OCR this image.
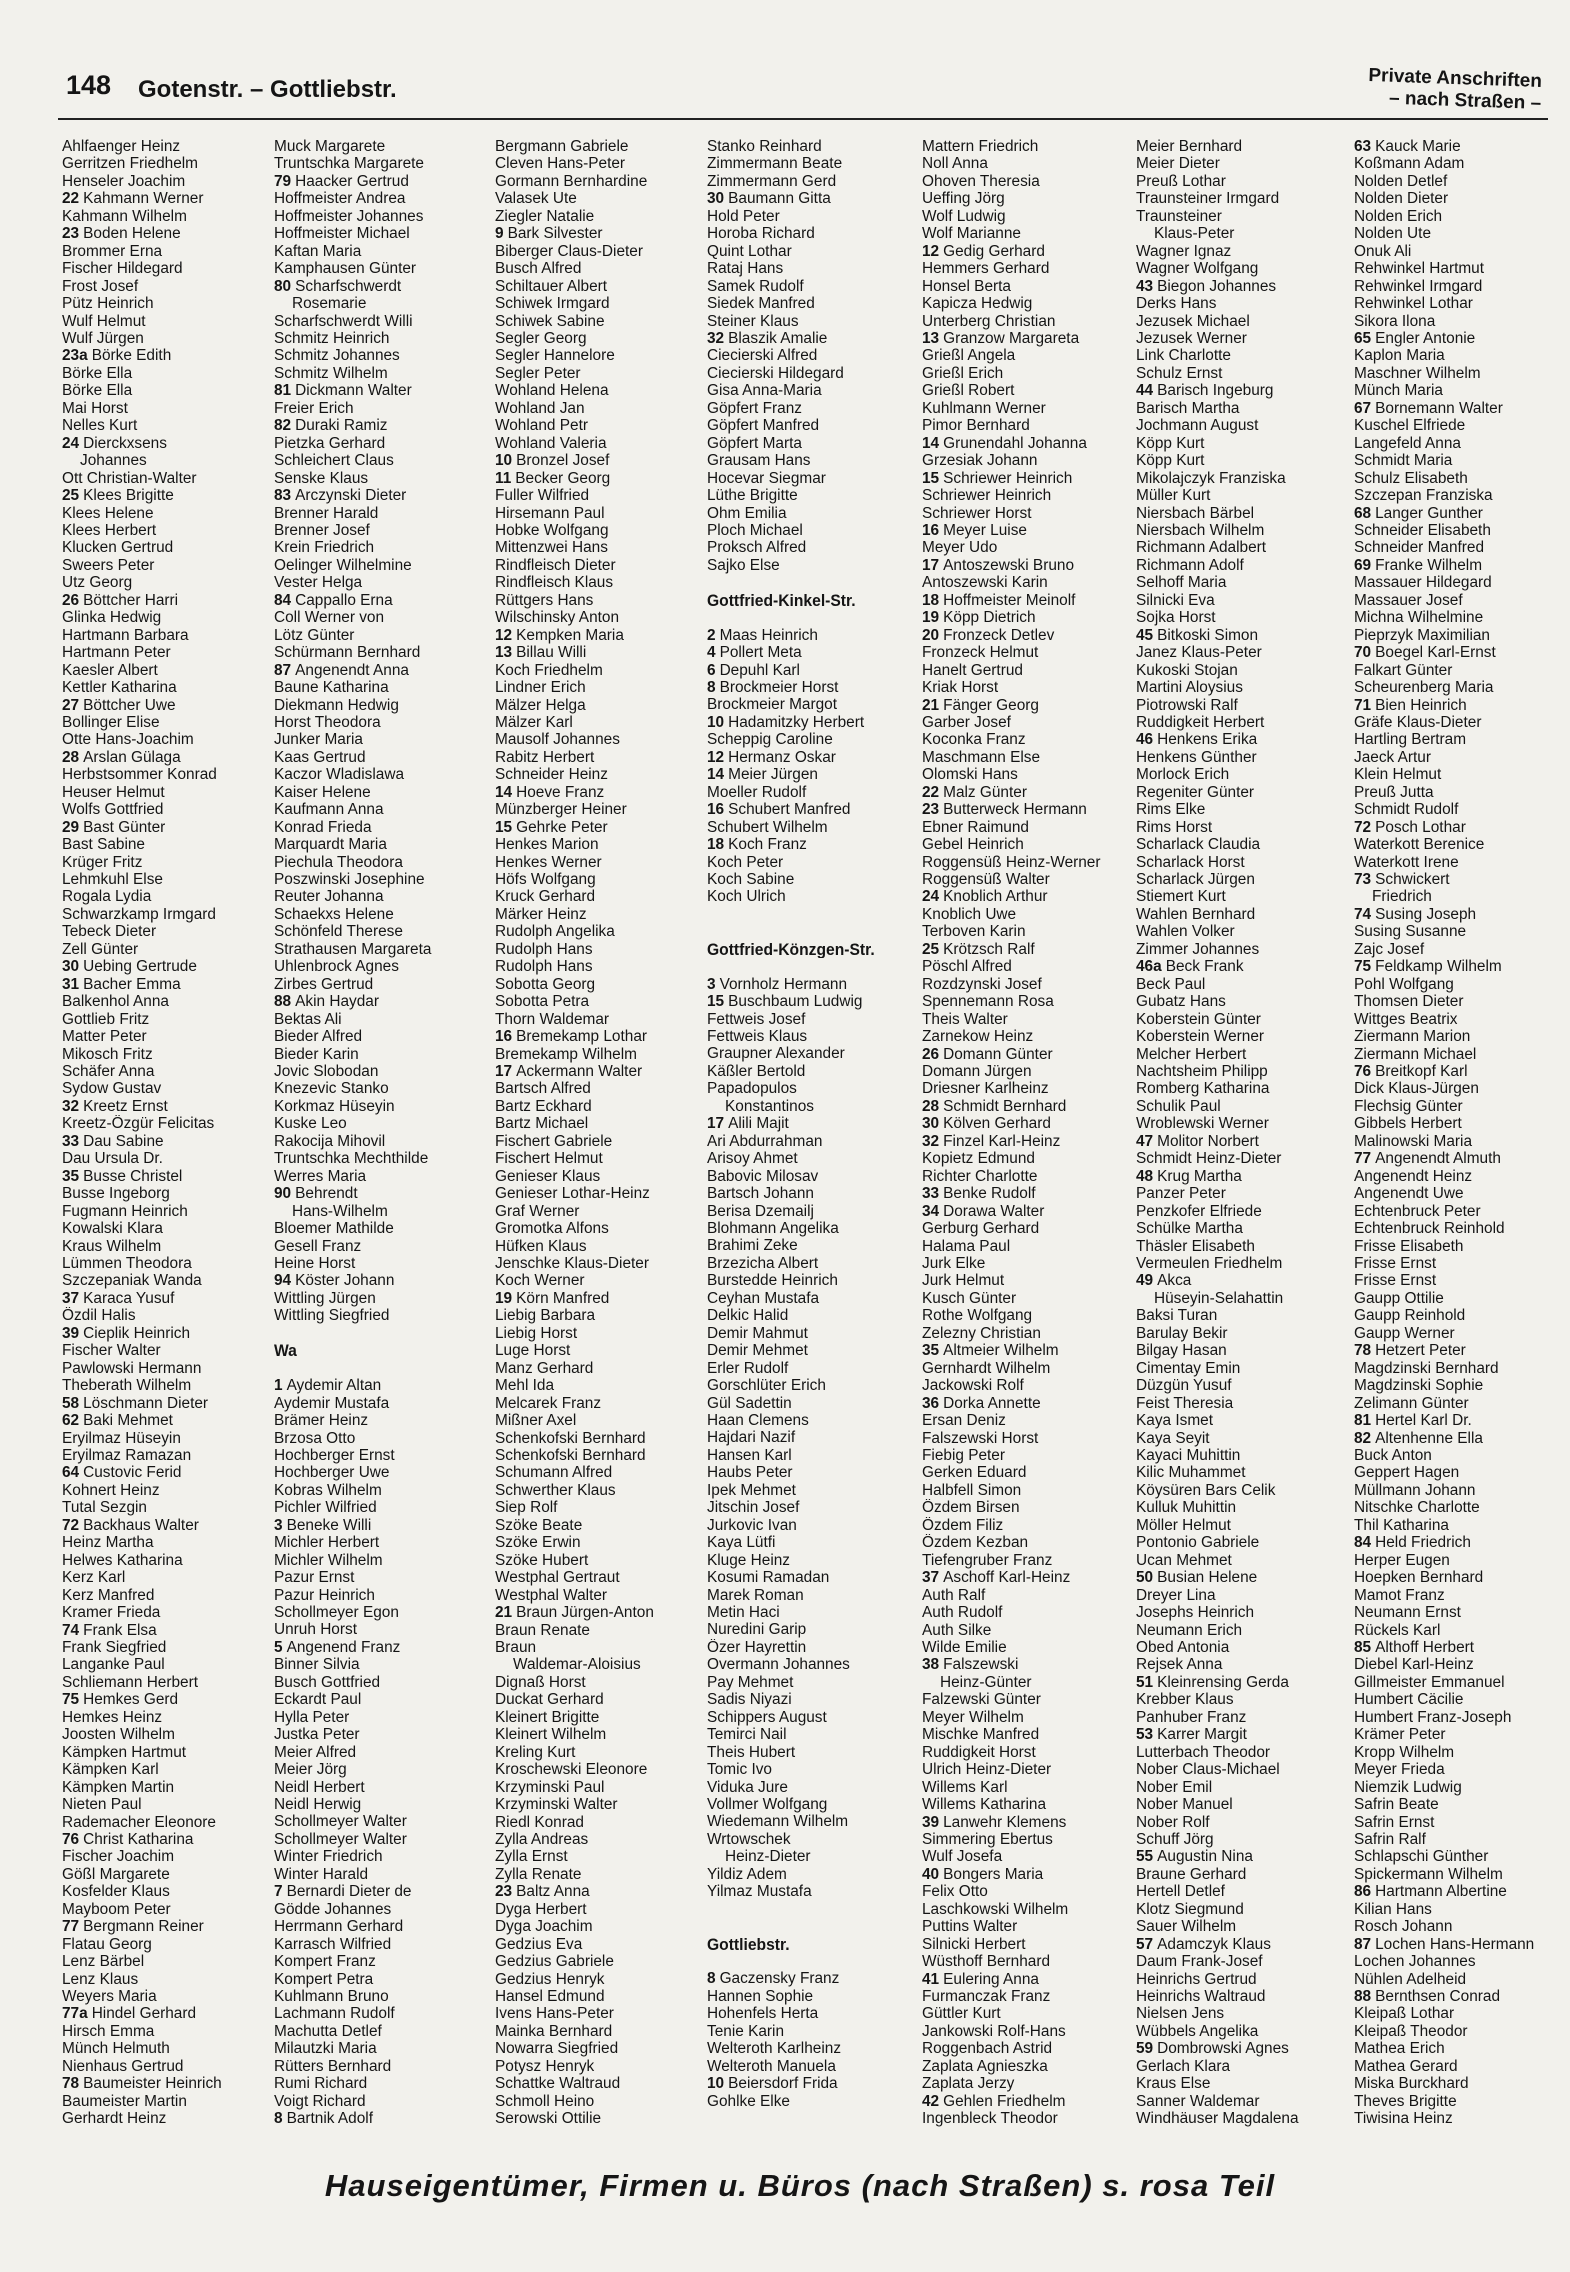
148 Gotenstr. – Gottliebstr.	Private Anschriften
– nach Straßen –
Ahlfaenger Heinz
Gerritzen Friedhelm
Henseler Joachim
22 Kahmann Werner
Kahmann Wilhelm
23 Boden Helene
Brommer Erna
Fischer Hildegard
Frost Josef
Pütz Heinrich
Wulf Helmut
Wulf Jürgen
23a Börke Edith
Börke Ella
Börke Ella
Mai Horst
Nelles Kurt
24 Dierckxsens
Johannes
Ott Christian-Walter
25 Klees Brigitte
Klees Helene
Klees Herbert
Klucken Gertrud
Sweers Peter
Utz Georg
26 Böttcher Harri
Glinka Hedwig
Hartmann Barbara
Hartmann Peter
Kaesler Albert
Kettler Katharina
27 Böttcher Uwe
Bollinger Elise
Otte Hans-Joachim
28 Arslan Gülaga
Herbstsommer Konrad
Heuser Helmut
Wolfs Gottfried
29 Bast Günter
Bast Sabine
Krüger Fritz
Lehmkuhl Else
Rogala Lydia
Schwarzkamp Irmgard
Tebeck Dieter
Zell Günter
30 Uebing Gertrude
31 Bacher Emma
Balkenhol Anna
Gottlieb Fritz
Matter Peter
Mikosch Fritz
Schäfer Anna
Sydow Gustav
32 Kreetz Ernst
Kreetz-Özgür Felicitas
33 Dau Sabine
Dau Ursula Dr.
35 Busse Christel
Busse Ingeborg
Fugmann Heinrich
Kowalski Klara
Kraus Wilhelm
Lümmen Theodora
Szczepaniak Wanda
37 Karaca Yusuf
Özdil Halis
39 Cieplik Heinrich
Fischer Walter
Pawlowski Hermann
Theberath Wilhelm
58 Löschmann Dieter
62 Baki Mehmet
Eryilmaz Hüseyin
Eryilmaz Ramazan
64 Custovic Ferid
Kohnert Heinz
Tutal Sezgin
72 Backhaus Walter
Heinz Martha
Helwes Katharina
Kerz Karl
Kerz Manfred
Kramer Frieda
74 Frank Elsa
Frank Siegfried
Langanke Paul
Schliemann Herbert
75 Hemkes Gerd
Hemkes Heinz
Joosten Wilhelm
Kämpken Hartmut
Kämpken Karl
Kämpken Martin
Nieten Paul
Rademacher Eleonore
76 Christ Katharina
Fischer Joachim
Gößl Margarete
Kosfelder Klaus
Mayboom Peter
77 Bergmann Reiner
Flatau Georg
Lenz Bärbel
Lenz Klaus
Weyers Maria
77a Hindel Gerhard
Hirsch Emma
Münch Helmuth
Nienhaus Gertrud
78 Baumeister Heinrich
Baumeister Martin
Gerhardt Heinz
Muck Margarete
Truntschka Margarete
79 Haacker Gertrud
Hoffmeister Andrea
Hoffmeister Johannes
Hoffmeister Michael
Kaftan Maria
Kamphausen Günter
80 Scharfschwerdt
Rosemarie
Scharfschwerdt Willi
Schmitz Heinrich
Schmitz Johannes
Schmitz Wilhelm
81 Dickmann Walter
Freier Erich
82 Duraki Ramiz
Pietzka Gerhard
Schleichert Claus
Senske Klaus
83 Arczynski Dieter
Brenner Harald
Brenner Josef
Krein Friedrich
Oelinger Wilhelmine
Vester Helga
84 Cappallo Erna
Coll Werner von
Lötz Günter
Schürmann Bernhard
87 Angenendt Anna
Baune Katharina
Diekmann Hedwig
Horst Theodora
Junker Maria
Kaas Gertrud
Kaczor Wladislawa
Kaiser Helene
Kaufmann Anna
Konrad Frieda
Marquardt Maria
Piechula Theodora
Poszwinski Josephine
Reuter Johanna
Schaekxs Helene
Schönfeld Therese
Strathausen Margareta
Uhlenbrock Agnes
Zirbes Gertrud
88 Akin Haydar
Bektas Ali
Bieder Alfred
Bieder Karin
Jovic Slobodan
Knezevic Stanko
Korkmaz Hüseyin
Kuske Leo
Rakocija Mihovil
Truntschka Mechthilde
Werres Maria
90 Behrendt
Hans-Wilhelm
Bloemer Mathilde
Gesell Franz
Heine Horst
94 Köster Johann
Wittling Jürgen
Wittling Siegfried
Wa
1 Aydemir Altan
Aydemir Mustafa
Brämer Heinz
Brzosa Otto
Hochberger Ernst
Hochberger Uwe
Kobras Wilhelm
Pichler Wilfried
3 Beneke Willi
Michler Herbert
Michler Wilhelm
Pazur Ernst
Pazur Heinrich
Schollmeyer Egon
Unruh Horst
5 Angenend Franz
Binner Silvia
Busch Gottfried
Eckardt Paul
Hylla Peter
Justka Peter
Meier Alfred
Meier Jörg
Neidl Herbert
Neidl Herwig
Schollmeyer Walter
Schollmeyer Walter
Winter Friedrich
Winter Harald
7 Bernardi Dieter de
Gödde Johannes
Herrmann Gerhard
Karrasch Wilfried
Kompert Franz
Kompert Petra
Kuhlmann Bruno
Lachmann Rudolf
Machutta Detlef
Milautzki Maria
Rütters Bernhard
Rumi Richard
Voigt Richard
8 Bartnik Adolf
Bergmann Gabriele
Cleven Hans-Peter
Gormann Bernhardine
Valasek Ute
Ziegler Natalie
9 Bark Silvester
Biberger Claus-Dieter
Busch Alfred
Schiltauer Albert
Schiwek Irmgard
Schiwek Sabine
Segler Georg
Segler Hannelore
Segler Peter
Wohland Helena
Wohland Jan
Wohland Petr
Wohland Valeria
10 Bronzel Josef
11 Becker Georg
Fuller Wilfried
Hirsemann Paul
Hobke Wolfgang
Mittenzwei Hans
Rindfleisch Dieter
Rindfleisch Klaus
Rüttgers Hans
Wilschinsky Anton
12 Kempken Maria
13 Billau Willi
Koch Friedhelm
Lindner Erich
Mälzer Helga
Mälzer Karl
Mausolf Johannes
Rabitz Herbert
Schneider Heinz
14 Hoeve Franz
Münzberger Heiner
15 Gehrke Peter
Henkes Marion
Henkes Werner
Höfs Wolfgang
Kruck Gerhard
Märker Heinz
Rudolph Angelika
Rudolph Hans
Rudolph Hans
Sobotta Georg
Sobotta Petra
Thorn Waldemar
16 Bremekamp Lothar
Bremekamp Wilhelm
17 Ackermann Walter
Bartsch Alfred
Bartz Eckhard
Bartz Michael
Fischert Gabriele
Fischert Helmut
Genieser Klaus
Genieser Lothar-Heinz
Graf Werner
Gromotka Alfons
Hüfken Klaus
Jenschke Klaus-Dieter
Koch Werner
19 Körn Manfred
Liebig Barbara
Liebig Horst
Luge Horst
Manz Gerhard
Mehl Ida
Melcarek Franz
Mißner Axel
Schenkofski Bernhard
Schenkofski Bernhard
Schumann Alfred
Schwerther Klaus
Siep Rolf
Szöke Beate
Szöke Erwin
Szöke Hubert
Westphal Gertraut
Westphal Walter
21 Braun Jürgen-Anton
Braun Renate
Braun
Waldemar-Aloisius
Dignaß Horst
Duckat Gerhard
Kleinert Brigitte
Kleinert Wilhelm
Kreling Kurt
Kroschewski Eleonore
Krzyminski Paul
Krzyminski Walter
Riedl Konrad
Zylla Andreas
Zylla Ernst
Zylla Renate
23 Baltz Anna
Dyga Herbert
Dyga Joachim
Gedzius Eva
Gedzius Gabriele
Gedzius Henryk
Hansel Edmund
Ivens Hans-Peter
Mainka Bernhard
Nowarra Siegfried
Potysz Henryk
Schattke Waltraud
Schmoll Heino
Serowski Ottilie
Stanko Reinhard
Zimmermann Beate
Zimmermann Gerd
30 Baumann Gitta
Hold Peter
Horoba Richard
Quint Lothar
Rataj Hans
Samek Rudolf
Siedek Manfred
Steiner Klaus
32 Blaszik Amalie
Ciecierski Alfred
Ciecierski Hildegard
Gisa Anna-Maria
Göpfert Franz
Göpfert Manfred
Göpfert Marta
Grausam Hans
Hocevar Siegmar
Lüthe Brigitte
Ohm Emilia
Ploch Michael
Proksch Alfred
Sajko Else
Gottfried-Kinkel-Str.
2 Maas Heinrich
4 Pollert Meta
6 Depuhl Karl
8 Brockmeier Horst
Brockmeier Margot
10 Hadamitzky Herbert
Scheppig Caroline
12 Hermanz Oskar
14 Meier Jürgen
Moeller Rudolf
16 Schubert Manfred
Schubert Wilhelm
18 Koch Franz
Koch Peter
Koch Sabine
Koch Ulrich
Gottfried-Könzgen-Str.
3 Vornholz Hermann
15 Buschbaum Ludwig
Fettweis Josef
Fettweis Klaus
Graupner Alexander
Käßler Bertold
Papadopulos
Konstantinos
17 Alili Majit
Ari Abdurrahman
Arisoy Ahmet
Babovic Milosav
Bartsch Johann
Berisa Dzemailj
Blohmann Angelika
Brahimi Zeke
Brzezicha Albert
Burstedde Heinrich
Ceyhan Mustafa
Delkic Halid
Demir Mahmut
Demir Mehmet
Erler Rudolf
Gorschlüter Erich
Gül Sadettin
Haan Clemens
Hajdari Nazif
Hansen Karl
Haubs Peter
Ipek Mehmet
Jitschin Josef
Jurkovic Ivan
Kaya Lütfi
Kluge Heinz
Kosumi Ramadan
Marek Roman
Metin Haci
Nuredini Garip
Özer Hayrettin
Overmann Johannes
Pay Mehmet
Sadis Niyazi
Schippers August
Temirci Nail
Theis Hubert
Tomic Ivo
Viduka Jure
Vollmer Wolfgang
Wiedemann Wilhelm
Wrtowschek
Heinz-Dieter
Yildiz Adem
Yilmaz Mustafa
Gottliebstr.
8 Gaczensky Franz
Hannen Sophie
Hohenfels Herta
Tenie Karin
Welteroth Karlheinz
Welteroth Manuela
10 Beiersdorf Frida
Gohlke Elke
Mattern Friedrich
Noll Anna
Ohoven Theresia
Ueffing Jörg
Wolf Ludwig
Wolf Marianne
12 Gedig Gerhard
Hemmers Gerhard
Honsel Berta
Kapicza Hedwig
Unterberg Christian
13 Granzow Margareta
Grießl Angela
Grießl Erich
Grießl Robert
Kuhlmann Werner
Pimor Bernhard
14 Grunendahl Johanna
Grzesiak Johann
15 Schriewer Heinrich
Schriewer Heinrich
Schriewer Horst
16 Meyer Luise
Meyer Udo
17 Antoszewski Bruno
Antoszewski Karin
18 Hoffmeister Meinolf
19 Köpp Dietrich
20 Fronzeck Detlev
Fronzeck Helmut
Hanelt Gertrud
Kriak Horst
21 Fänger Georg
Garber Josef
Koconka Franz
Maschmann Else
Olomski Hans
22 Malz Günter
23 Butterweck Hermann
Ebner Raimund
Gebel Heinrich
Roggensüß Heinz-Werner
Roggensüß Walter
24 Knoblich Arthur
Knoblich Uwe
Terboven Karin
25 Krötzsch Ralf
Pöschl Alfred
Rozdzynski Josef
Spennemann Rosa
Theis Walter
Zarnekow Heinz
26 Domann Günter
Domann Jürgen
Driesner Karlheinz
28 Schmidt Bernhard
30 Kölven Gerhard
32 Finzel Karl-Heinz
Kopietz Edmund
Richter Charlotte
33 Benke Rudolf
34 Dorawa Walter
Gerburg Gerhard
Halama Paul
Jurk Elke
Jurk Helmut
Kusch Günter
Rothe Wolfgang
Zelezny Christian
35 Altmeier Wilhelm
Gernhardt Wilhelm
Jackowski Rolf
36 Dorka Annette
Ersan Deniz
Falszewski Horst
Fiebig Peter
Gerken Eduard
Halbfell Simon
Özdem Birsen
Özdem Filiz
Özdem Kezban
Tiefengruber Franz
37 Aschoff Karl-Heinz
Auth Ralf
Auth Rudolf
Auth Silke
Wilde Emilie
38 Falszewski
Heinz-Günter
Falzewski Günter
Meyer Wilhelm
Mischke Manfred
Ruddigkeit Horst
Ulrich Heinz-Dieter
Willems Karl
Willems Katharina
39 Lanwehr Klemens
Simmering Ebertus
Wulf Josefa
40 Bongers Maria
Felix Otto
Laschkowski Wilhelm
Puttins Walter
Silnicki Herbert
Wüsthoff Bernhard
41 Eulering Anna
Furmanczak Franz
Güttler Kurt
Jankowski Rolf-Hans
Roggenbach Astrid
Zaplata Agnieszka
Zaplata Jerzy
42 Gehlen Friedhelm
Ingenbleck Theodor
Meier Bernhard
Meier Dieter
Preuß Lothar
Traunsteiner Irmgard
Traunsteiner
Klaus-Peter
Wagner Ignaz
Wagner Wolfgang
43 Biegon Johannes
Derks Hans
Jezusek Michael
Jezusek Werner
Link Charlotte
Schulz Ernst
44 Barisch Ingeburg
Barisch Martha
Jochmann August
Köpp Kurt
Köpp Kurt
Mikolajczyk Franziska
Müller Kurt
Niersbach Bärbel
Niersbach Wilhelm
Richmann Adalbert
Richmann Adolf
Selhoff Maria
Silnicki Eva
Sojka Horst
45 Bitkoski Simon
Janez Klaus-Peter
Kukoski Stojan
Martini Aloysius
Piotrowski Ralf
Ruddigkeit Herbert
46 Henkens Erika
Henkens Günther
Morlock Erich
Regeniter Günter
Rims Elke
Rims Horst
Scharlack Claudia
Scharlack Horst
Scharlack Jürgen
Stiemert Kurt
Wahlen Bernhard
Wahlen Volker
Zimmer Johannes
46a Beck Frank
Beck Paul
Gubatz Hans
Koberstein Günter
Koberstein Werner
Melcher Herbert
Nachtsheim Philipp
Romberg Katharina
Schulik Paul
Wroblewski Werner
47 Molitor Norbert
Schmidt Heinz-Dieter
48 Krug Martha
Panzer Peter
Penzkofer Elfriede
Schülke Martha
Thäsler Elisabeth
Vermeulen Friedhelm
49 Akca
Hüseyin-Selahattin
Baksi Turan
Barulay Bekir
Bilgay Hasan
Cimentay Emin
Düzgün Yusuf
Feist Theresia
Kaya Ismet
Kaya Seyit
Kayaci Muhittin
Kilic Muhammet
Köysüren Bars Celik
Kulluk Muhittin
Möller Helmut
Pontonio Gabriele
Ucan Mehmet
50 Busian Helene
Dreyer Lina
Josephs Heinrich
Neumann Erich
Obed Antonia
Rejsek Anna
51 Kleinrensing Gerda
Krebber Klaus
Panhuber Franz
53 Karrer Margit
Lutterbach Theodor
Nober Claus-Michael
Nober Emil
Nober Manuel
Nober Rolf
Schuff Jörg
55 Augustin Nina
Braune Gerhard
Hertell Detlef
Klotz Siegmund
Sauer Wilhelm
57 Adamczyk Klaus
Daum Frank-Josef
Heinrichs Gertrud
Heinrichs Waltraud
Nielsen Jens
Wübbels Angelika
59 Dombrowski Agnes
Gerlach Klara
Kraus Else
Sanner Waldemar
Windhäuser Magdalena
63 Kauck Marie
Koßmann Adam
Nolden Detlef
Nolden Dieter
Nolden Erich
Nolden Ute
Onuk Ali
Rehwinkel Hartmut
Rehwinkel Irmgard
Rehwinkel Lothar
Sikora Ilona
65 Engler Antonie
Kaplon Maria
Maschner Wilhelm
Münch Maria
67 Bornemann Walter
Kuschel Elfriede
Langefeld Anna
Schmidt Maria
Schulz Elisabeth
Szczepan Franziska
68 Langer Gunther
Schneider Elisabeth
Schneider Manfred
69 Franke Wilhelm
Massauer Hildegard
Massauer Josef
Michna Wilhelmine
Pieprzyk Maximilian
70 Boegel Karl-Ernst
Falkart Günter
Scheurenberg Maria
71 Bien Heinrich
Gräfe Klaus-Dieter
Hartling Bertram
Jaeck Artur
Klein Helmut
Preuß Jutta
Schmidt Rudolf
72 Posch Lothar
Waterkott Berenice
Waterkott Irene
73 Schwickert
Friedrich
74 Susing Joseph
Susing Susanne
Zajc Josef
75 Feldkamp Wilhelm
Pohl Wolfgang
Thomsen Dieter
Wittges Beatrix
Ziermann Marion
Ziermann Michael
76 Breitkopf Karl
Dick Klaus-Jürgen
Flechsig Günter
Gibbels Herbert
Malinowski Maria
77 Angenendt Almuth
Angenendt Heinz
Angenendt Uwe
Echtenbruck Peter
Echtenbruck Reinhold
Frisse Elisabeth
Frisse Ernst
Frisse Ernst
Gaupp Ottilie
Gaupp Reinhold
Gaupp Werner
78 Hetzert Peter
Magdzinski Bernhard
Magdzinski Sophie
Zelimann Günter
81 Hertel Karl Dr.
82 Altenhenne Ella
Buck Anton
Geppert Hagen
Müllmann Johann
Nitschke Charlotte
Thil Katharina
84 Held Friedrich
Herper Eugen
Hoepken Bernhard
Mamot Franz
Neumann Ernst
Rückels Karl
85 Althoff Herbert
Diebel Karl-Heinz
Gillmeister Emmanuel
Humbert Cäcilie
Humbert Franz-Joseph
Krämer Peter
Kropp Wilhelm
Meyer Frieda
Niemzik Ludwig
Safrin Beate
Safrin Ernst
Safrin Ralf
Schlapschi Günther
Spickermann Wilhelm
86 Hartmann Albertine
Kilian Hans
Rosch Johann
87 Lochen Hans-Hermann
Lochen Johannes
Nühlen Adelheid
88 Bernthsen Conrad
Kleipaß Lothar
Kleipaß Theodor
Mathea Erich
Mathea Gerard
Miska Burckhard
Theves Brigitte
Tiwisina Heinz
Hauseigentümer, Firmen u. Büros (nach Straßen) s. rosa Teil
